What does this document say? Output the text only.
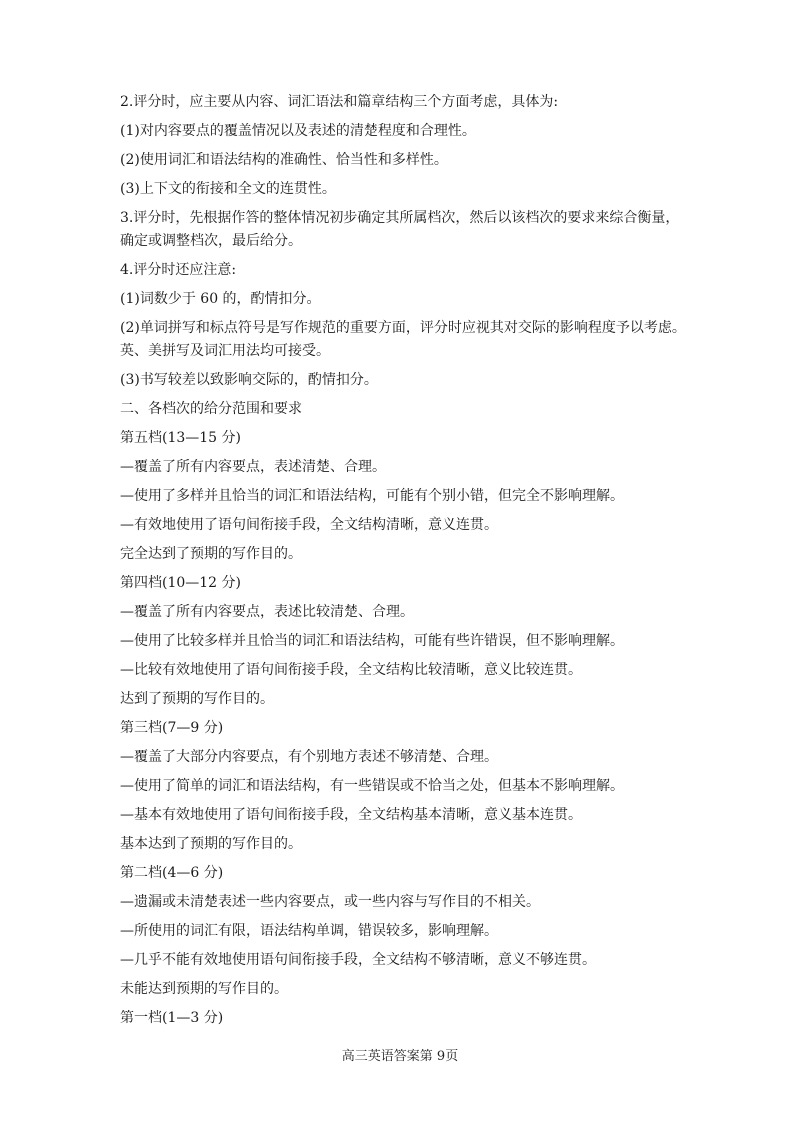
2.评分时，应主要从内容、词汇语法和篇章结构三个方面考虑，具体为:

(1)对内容要点的覆盖情况以及表述的清楚程度和合理性。

(2)使用词汇和语法结构的准确性、恰当性和多样性。

(3)上下文的衔接和全文的连贯性。

3.评分时，先根据作答的整体情况初步确定其所属档次，然后以该档次的要求来综合衡量，

确定或调整档次，最后给分。

4.评分时还应注意:

(1)词数少于 60 的，酌情扣分。

(2)单词拼写和标点符号是写作规范的重要方面，评分时应视其对交际的影响程度予以考虑。

英、美拼写及词汇用法均可接受。

(3)书写较差以致影响交际的，酌情扣分。

二、各档次的给分范围和要求

第五档(13—15 分)

—覆盖了所有内容要点，表述清楚、合理。

—使用了多样并且恰当的词汇和语法结构，可能有个别小错，但完全不影响理解。

—有效地使用了语句间衔接手段，全文结构清晰，意义连贯。

完全达到了预期的写作目的。

第四档(10—12 分)

—覆盖了所有内容要点，表述比较清楚、合理。

—使用了比较多样并且恰当的词汇和语法结构，可能有些许错误，但不影响理解。

—比较有效地使用了语句间衔接手段，全文结构比较清晰，意义比较连贯。

达到了预期的写作目的。

第三档(7—9 分)

—覆盖了大部分内容要点，有个别地方表述不够清楚、合理。

—使用了简单的词汇和语法结构，有一些错误或不恰当之处，但基本不影响理解。

—基本有效地使用了语句间衔接手段，全文结构基本清晰，意义基本连贯。

基本达到了预期的写作目的。

第二档(4—6 分)

—遗漏或未清楚表述一些内容要点，或一些内容与写作目的不相关。

—所使用的词汇有限，语法结构单调，错误较多，影响理解。

—几乎不能有效地使用语句间衔接手段，全文结构不够清晰，意义不够连贯。

未能达到预期的写作目的。

第一档(1—3 分)

高三英语答案第 9页
